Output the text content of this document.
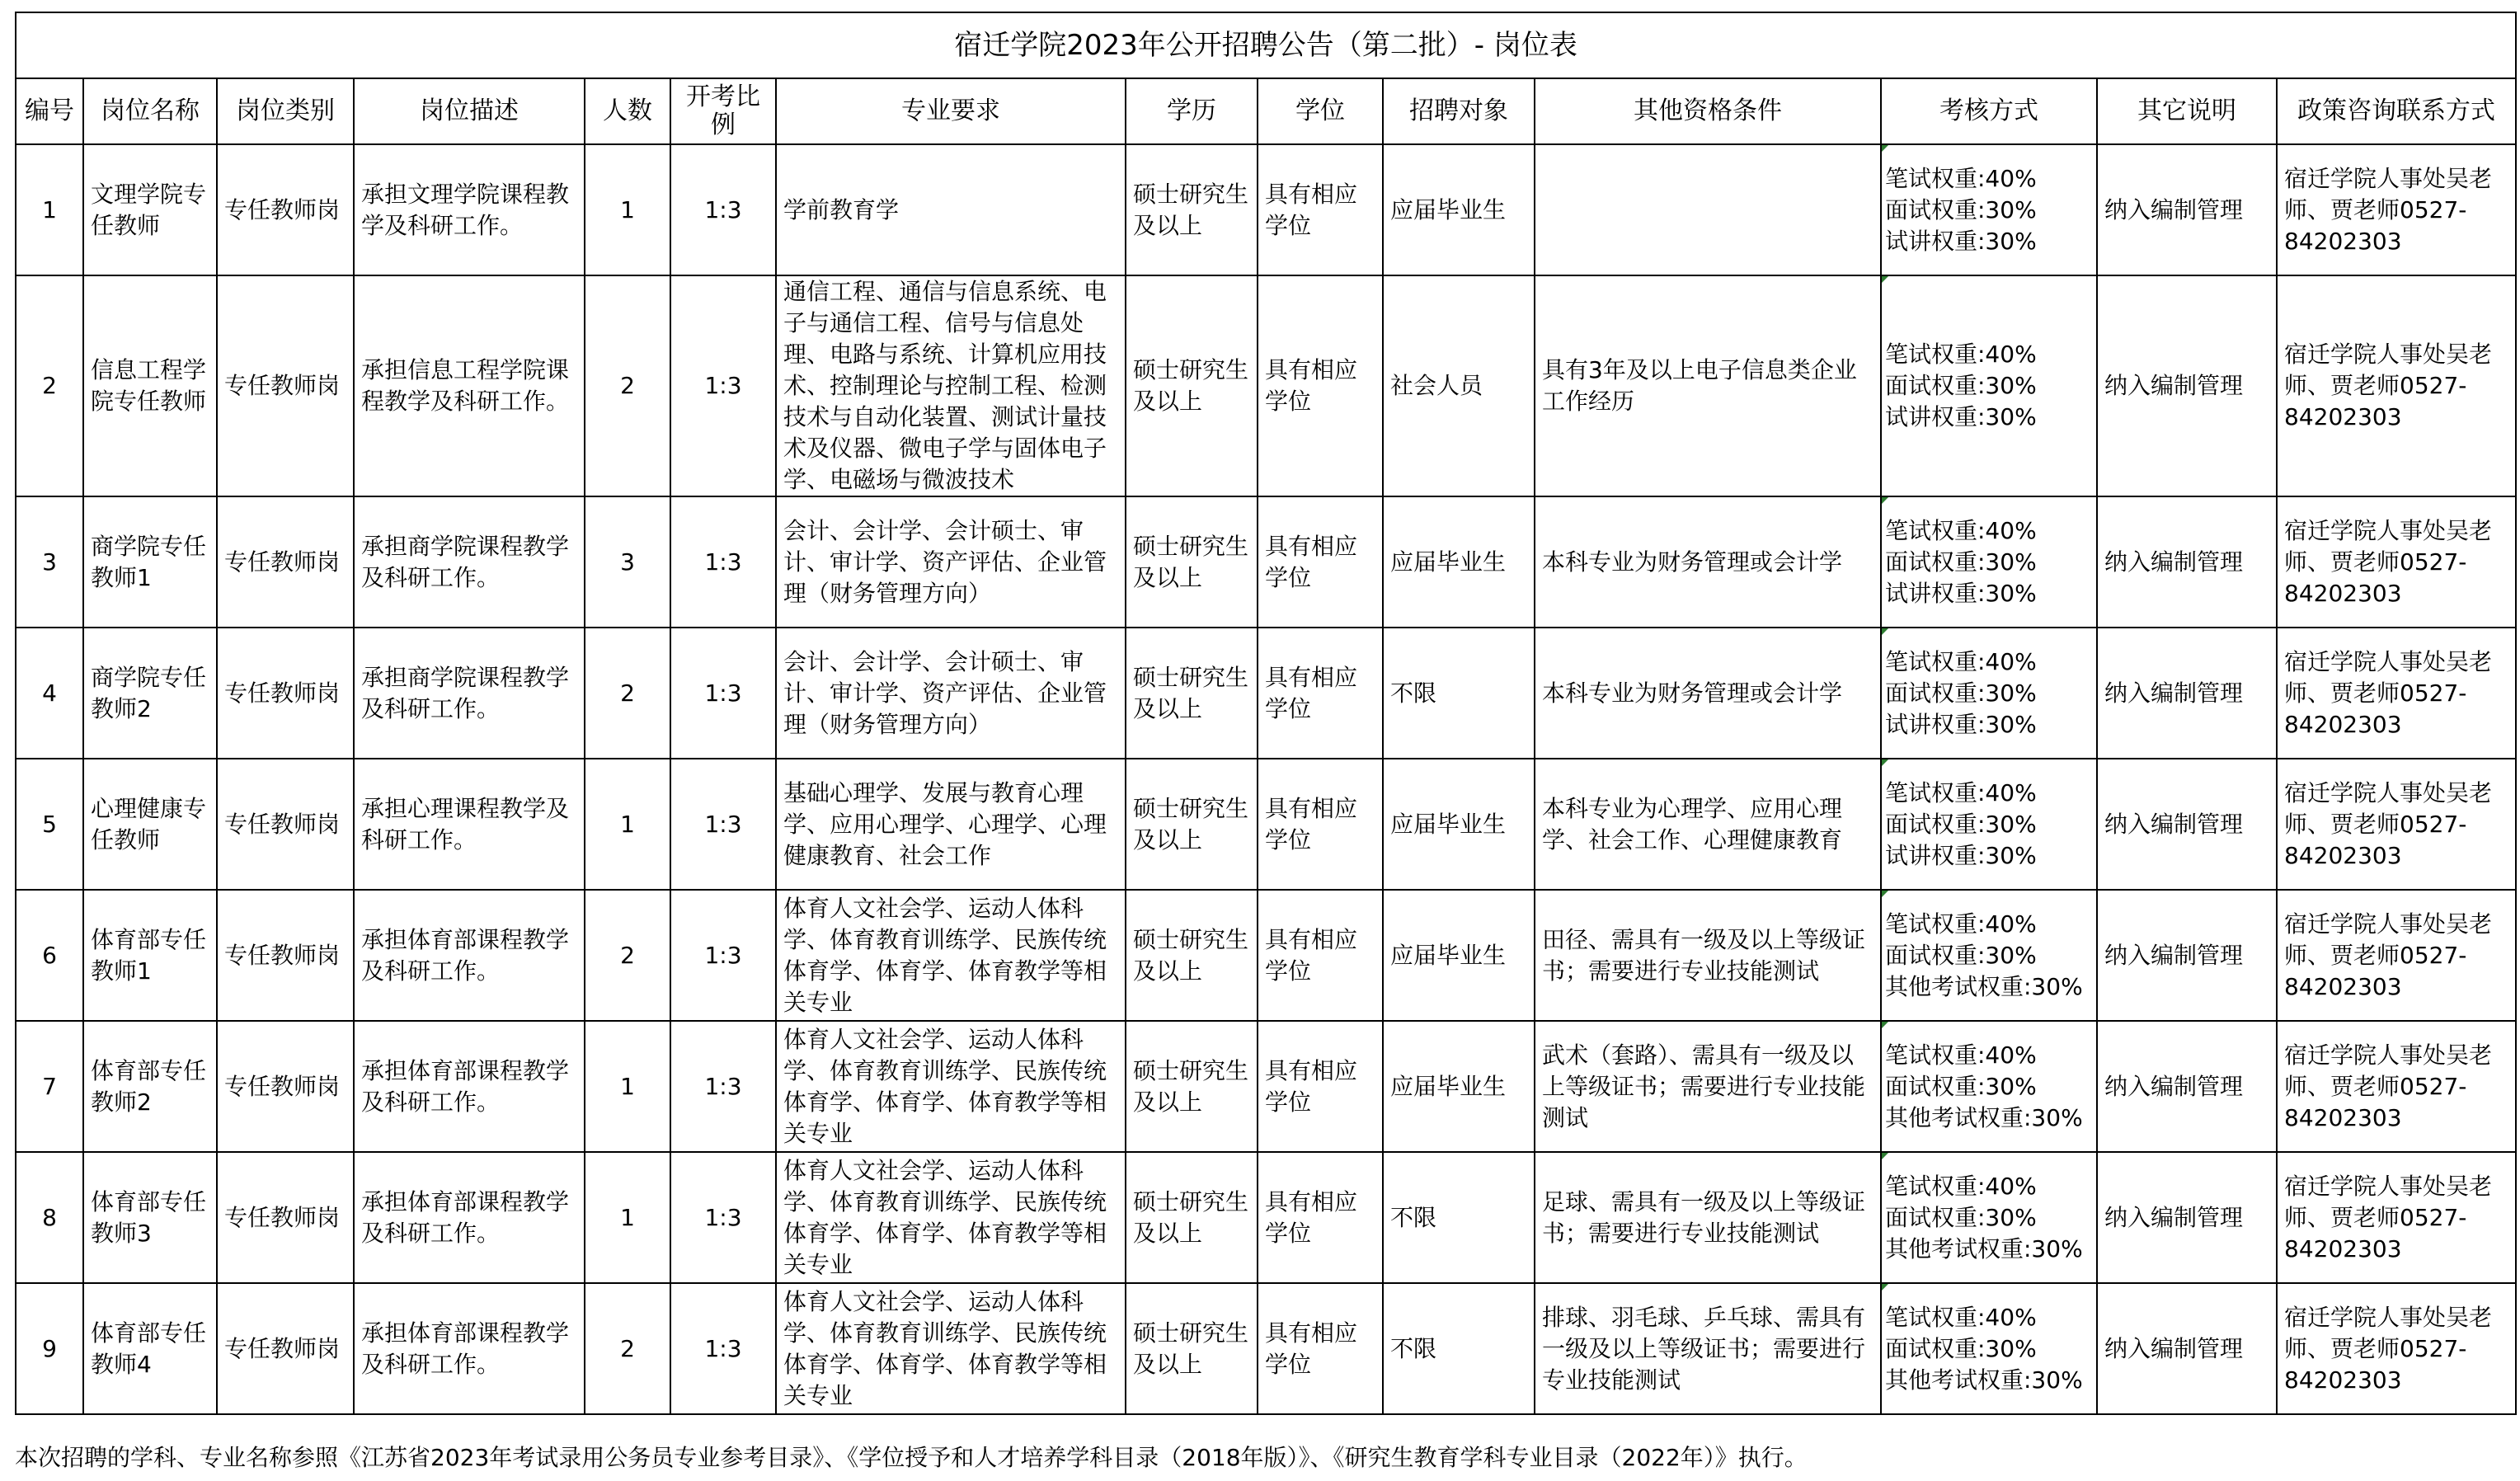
宿迁学院2023年公开招聘公告（第二批）- 岗位表													
编号	岗位名称	岗位类别	岗位描述	人数	开考比例	专业要求	学历	学位	招聘对象	其他资格条件	考核方式	其它说明	政策咨询联系方式
1	文理学院专任教师	专任教师岗	承担文理学院课程教学及科研工作。	1	1:3	学前教育学	硕士研究生及以上	具有相应学位	应届毕业生		笔试权重:40%
面试权重:30%
试讲权重:30%	纳入编制管理	宿迁学院人事处吴老师、贾老师0527-84202303
2	信息工程学院专任教师	专任教师岗	承担信息工程学院课程教学及科研工作。	2	1:3	通信工程、通信与信息系统、电子与通信工程、信号与信息处理、电路与系统、计算机应用技术、控制理论与控制工程、检测技术与自动化装置、测试计量技术及仪器、微电子学与固体电子学、电磁场与微波技术	硕士研究生及以上	具有相应学位	社会人员	具有3年及以上电子信息类企业工作经历	笔试权重:40%
面试权重:30%
试讲权重:30%	纳入编制管理	宿迁学院人事处吴老师、贾老师0527-84202303
3	商学院专任教师1	专任教师岗	承担商学院课程教学及科研工作。	3	1:3	会计、会计学、会计硕士、审计、审计学、资产评估、企业管理（财务管理方向）	硕士研究生及以上	具有相应学位	应届毕业生	本科专业为财务管理或会计学	笔试权重:40%
面试权重:30%
试讲权重:30%	纳入编制管理	宿迁学院人事处吴老师、贾老师0527-84202303
4	商学院专任教师2	专任教师岗	承担商学院课程教学及科研工作。	2	1:3	会计、会计学、会计硕士、审计、审计学、资产评估、企业管理（财务管理方向）	硕士研究生及以上	具有相应学位	不限	本科专业为财务管理或会计学	笔试权重:40%
面试权重:30%
试讲权重:30%	纳入编制管理	宿迁学院人事处吴老师、贾老师0527-84202303
5	心理健康专任教师	专任教师岗	承担心理课程教学及科研工作。	1	1:3	基础心理学、发展与教育心理学、应用心理学、心理学、心理健康教育、社会工作	硕士研究生及以上	具有相应学位	应届毕业生	本科专业为心理学、应用心理学、社会工作、心理健康教育	笔试权重:40%
面试权重:30%
试讲权重:30%	纳入编制管理	宿迁学院人事处吴老师、贾老师0527-84202303
6	体育部专任教师1	专任教师岗	承担体育部课程教学及科研工作。	2	1:3	体育人文社会学、运动人体科学、体育教育训练学、民族传统体育学、体育学、体育教学等相关专业	硕士研究生及以上	具有相应学位	应届毕业生	田径、需具有一级及以上等级证书；需要进行专业技能测试	笔试权重:40%
面试权重:30%
其他考试权重:30%	纳入编制管理	宿迁学院人事处吴老师、贾老师0527-84202303
7	体育部专任教师2	专任教师岗	承担体育部课程教学及科研工作。	1	1:3	体育人文社会学、运动人体科学、体育教育训练学、民族传统体育学、体育学、体育教学等相关专业	硕士研究生及以上	具有相应学位	应届毕业生	武术（套路）、需具有一级及以上等级证书；需要进行专业技能测试	笔试权重:40%
面试权重:30%
其他考试权重:30%	纳入编制管理	宿迁学院人事处吴老师、贾老师0527-84202303
8	体育部专任教师3	专任教师岗	承担体育部课程教学及科研工作。	1	1:3	体育人文社会学、运动人体科学、体育教育训练学、民族传统体育学、体育学、体育教学等相关专业	硕士研究生及以上	具有相应学位	不限	足球、需具有一级及以上等级证书；需要进行专业技能测试	笔试权重:40%
面试权重:30%
其他考试权重:30%	纳入编制管理	宿迁学院人事处吴老师、贾老师0527-84202303
9	体育部专任教师4	专任教师岗	承担体育部课程教学及科研工作。	2	1:3	体育人文社会学、运动人体科学、体育教育训练学、民族传统体育学、体育学、体育教学等相关专业	硕士研究生及以上	具有相应学位	不限	排球、羽毛球、乒乓球、需具有一级及以上等级证书；需要进行专业技能测试	笔试权重:40%
面试权重:30%
其他考试权重:30%	纳入编制管理	宿迁学院人事处吴老师、贾老师0527-84202303
本次招聘的学科、专业名称参照《江苏省2023年考试录用公务员专业参考目录》、《学位授予和人才培养学科目录（2018年版）》、《研究生教育学科专业目录（2022年）》执行。
